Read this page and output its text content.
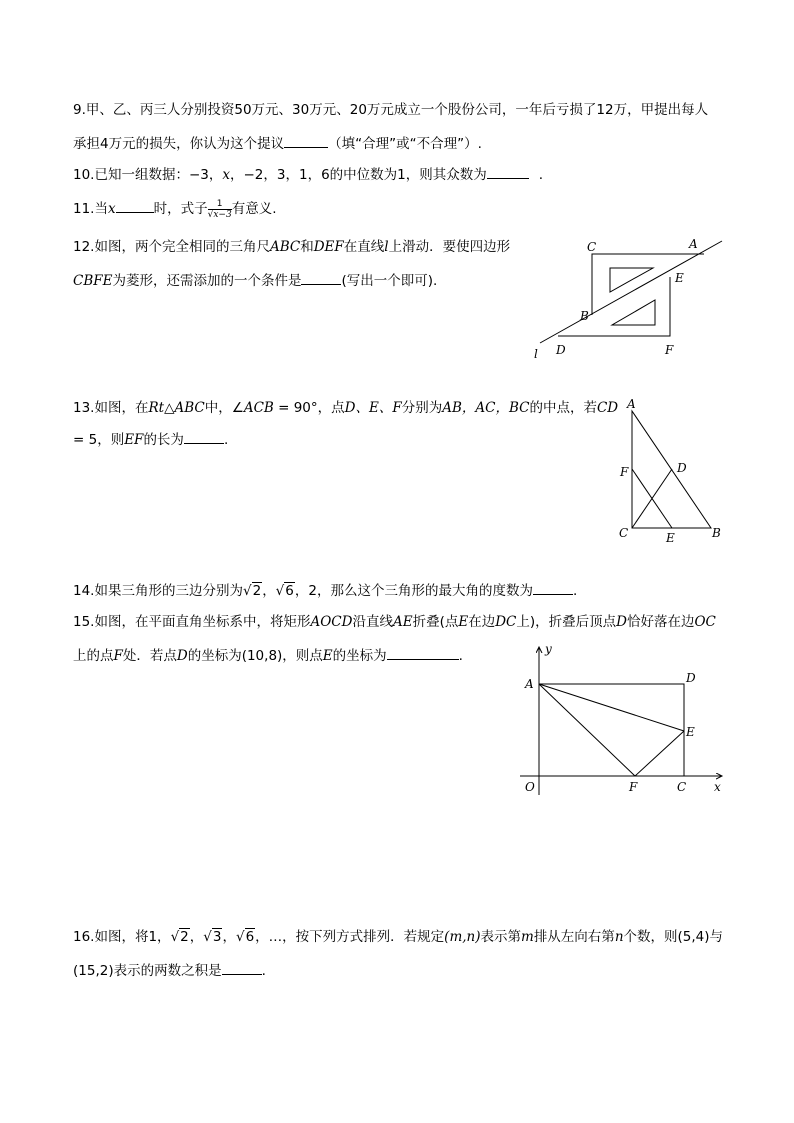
9.甲、乙、丙三人分别投资50万元、30万元、20万元成立一个股份公司，一年后亏损了12万，甲提出每人
承担4万元的损失，你认为这个提议	（填“合理”或“不合理”）.
10.已知一组数据：−3，x，−2，3，1，6的中位数为1，则其众数为	.
11.当x	时，式子 $\frac{1}{√x-3}$ 有意义.
12.如图，两个完全相同的三角尺ABC和DEF在直线l上滑动．要使四边形
CBFE为菱形，还需添加的一个条件是	(写出一个即可).
C	A
E
B
l D	F
13.如图，在Rt△ABC中，∠ACB = 90°，点D、E、F分别为AB，AC，BC的中点，若CD
= 5，则EF的长为	.
A
F	D
C	E	B
14.如果三角形的三边分别为√2，√6，2，那么这个三角形的最大角的度数为	.
15.如图，在平面直角坐标系中，将矩形AOCD沿直线AE折叠(点E在边DC上)，折叠后顶点D恰好落在边OC
上的点F处．若点D的坐标为(10,8)，则点E的坐标为	.	y
A	D
E
O	F	C x
16.如图，将1，√2，√3，√6，…，按下列方式排列．若规定(m,n)表示第m排从左向右第n个数，则(5,4)与
(15,2)表示的两数之积是	.
